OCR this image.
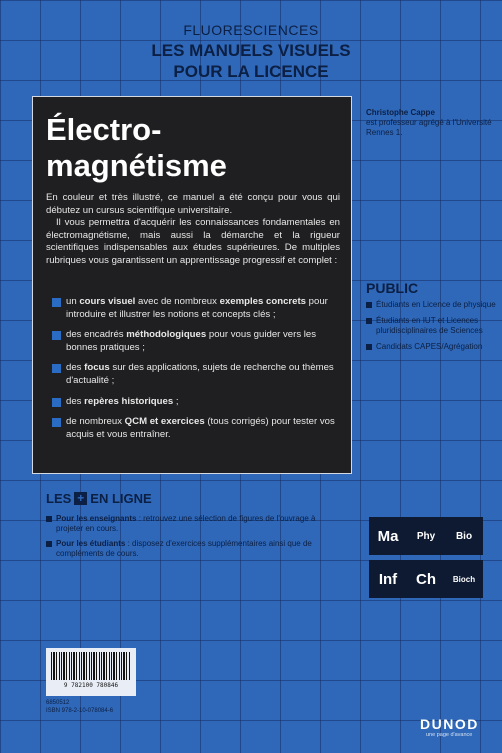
FLUORESCIENCES
LES MANUELS VISUELS
POUR LA LICENCE
Électro-
magnétisme

En couleur et très illustré, ce manuel a été conçu pour vous qui débutez un cursus scientifique universitaire.

Il vous permettra d'acquérir les connaissances fondamentales en électromagnétisme, mais aussi la démarche et la rigueur scientifiques indispensables aux études supérieures. De multiples rubriques vous garantissent un apprentissage progressif et complet :

un cours visuel avec de nombreux exemples concrets pour introduire et illustrer les notions et concepts clés ;
des encadrés méthodologiques pour vous guider vers les bonnes pratiques ;
des focus sur des applications, sujets de recherche ou thèmes d'actualité ;
des repères historiques ;
de nombreux QCM et exercices (tous corrigés) pour tester vos acquis et vous entraîner.
Christophe Cappe
est professeur agrégé à l'Université Rennes 1.
PUBLIC
Étudiants en Licence de physique
Étudiants en IUT et Licences pluridisciplinaires de Sciences
Candidats CAPES/Agrégation
LES + EN LIGNE
Pour les enseignants : retrouvez une sélection de figures de l'ouvrage à projeter en cours.
Pour les étudiants : disposez d'exercices supplémentaires ainsi que de compléments de cours.
Ma	Phy	Bio
Inf	Ch	Bioch
9 782100 780846
6850512
ISBN 978-2-10-078084-6
DUNOD
une page d'avance
